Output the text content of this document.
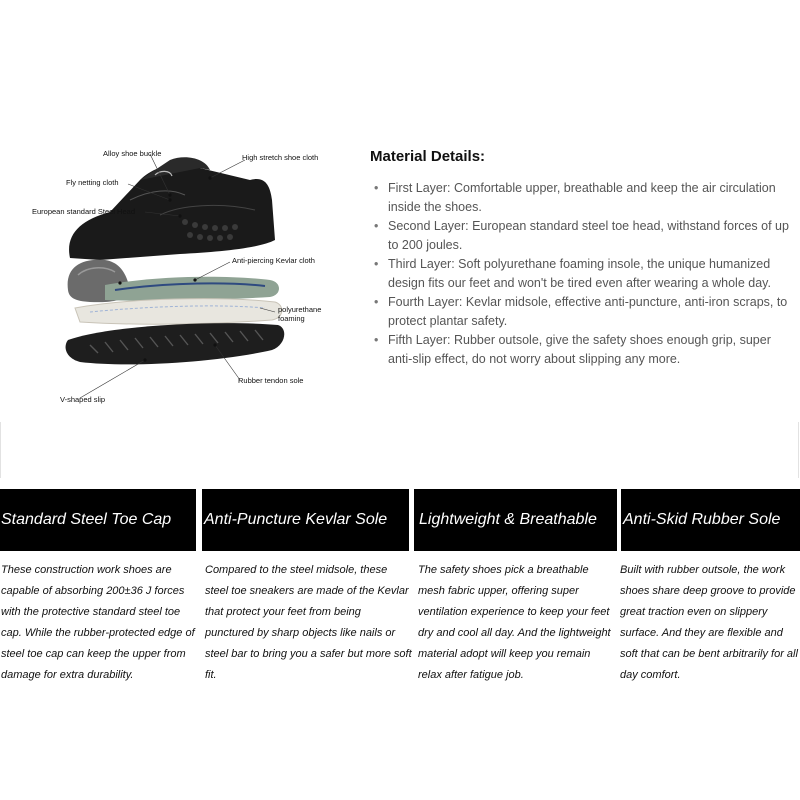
Alloy shoe buckle	High stretch shoe cloth
Fly netting cloth
European standard Steel Head
Anti-piercing Kevlar cloth
polyurethane foaming
Rubber tendon sole
V-shaped slip
Material Details:
• First Layer: Comfortable upper, breathable and keep the air circulation inside the shoes.
• Second Layer: European standard steel toe head, withstand forces of up to 200 joules.
• Third Layer: Soft polyurethane foaming insole, the unique humanized design fits our feet and won't be tired even after wearing a whole day.
• Fourth Layer: Kevlar midsole, effective anti-puncture, anti-iron scraps, to protect plantar safety.
• Fifth Layer: Rubber outsole, give the safety shoes enough grip, super anti-slip effect, do not worry about slipping any more.
Standard Steel Toe Cap Anti-Puncture Kevlar Sole	Lightweight & Breathable Anti-Skid Rubber Sole
These construction work shoes are capable of absorbing 200±36 J forces with the protective standard steel toe cap. While the rubber-protected edge of steel toe cap can keep the upper from damage for extra durability.
Compared to the steel midsole, these steel toe sneakers are made of the Kevlar that protect your feet from being punctured by sharp objects like nails or steel bar to bring you a safer but more soft fit.
The safety shoes pick a breathable mesh fabric upper, offering super ventilation experience to keep your feet dry and cool all day. And the lightweight material adopt will keep you remain relax after fatigue job.
Built with rubber outsole, the work shoes share deep groove to provide great traction even on slippery surface. And they are flexible and soft that can be bent arbitrarily for all day comfort.
